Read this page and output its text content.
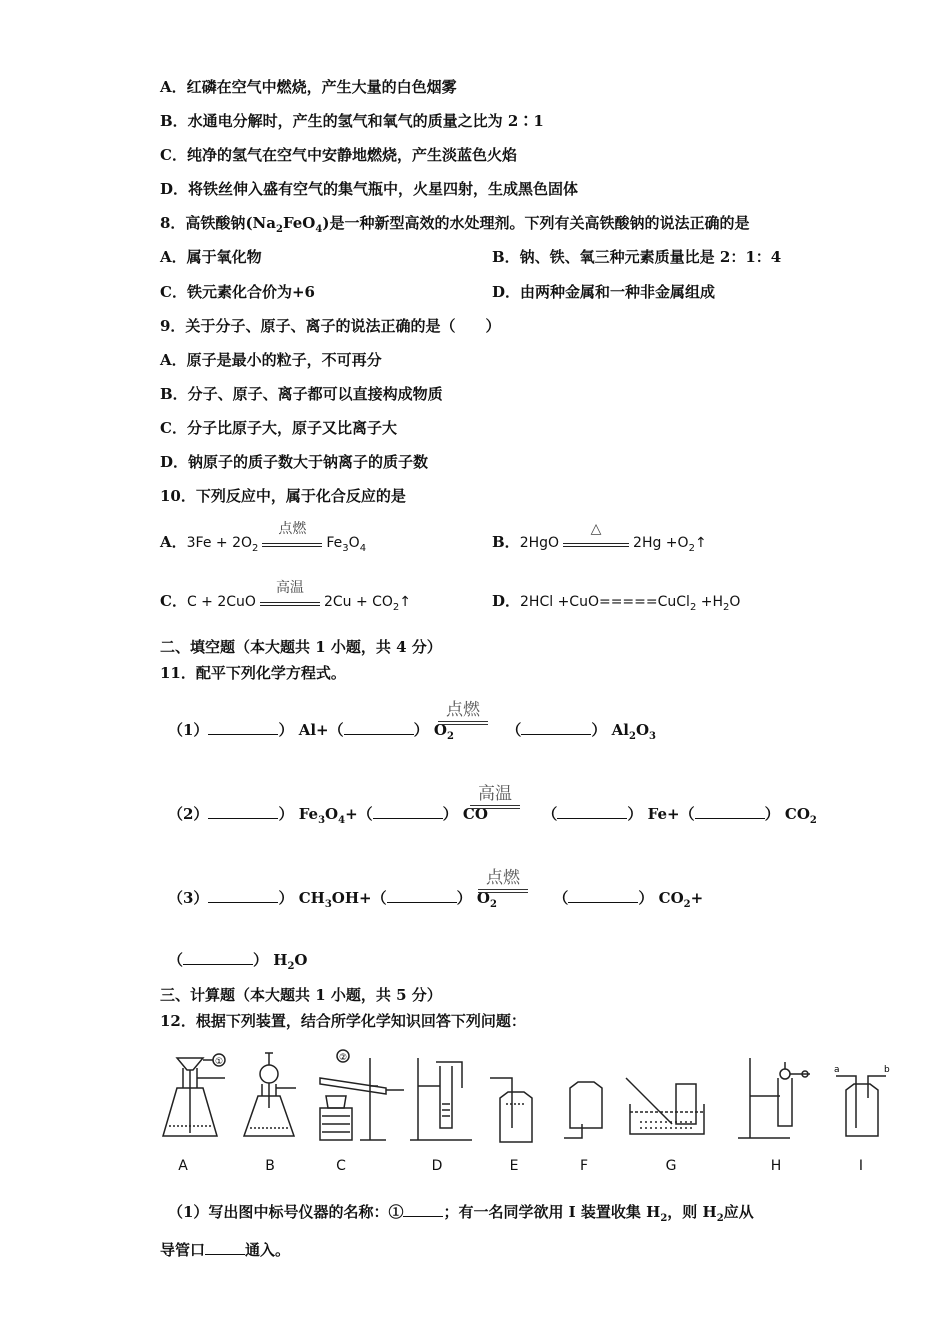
A．红磷在空气中燃烧，产生大量的白色烟雾
B．水通电分解时，产生的氢气和氧气的质量之比为 2∶1
C．纯净的氢气在空气中安静地燃烧，产生淡蓝色火焰
D．将铁丝伸入盛有空气的集气瓶中，火星四射，生成黑色固体
8．高铁酸钠$(Na_2FeO_4)$是一种新型高效的水处理剂。下列有关高铁酸钠的说法正确的是
A．属于氧化物	B．钠、铁、氧三种元素质量比是 2：1：4
C．铁元素化合价为+6	D．由两种金属和一种非金属组成
9．关于分子、原子、离子的说法正确的是（　　）
A．原子是最小的粒子，不可再分
B．分子、原子、离子都可以直接构成物质
C．分子比原子大，原子又比离子大
D．钠原子的质子数大于钠离子的质子数
10．下列反应中，属于化合反应的是
A．$3Fe + 2O_2$
点燃
$Fe_3O_4$	B．2HgO
△
$2Hg +O_2↑$
C．C + 2CuO
高温
$2Cu + CO_2↑$	D．2HCl +CuO=====CuCl$_2$ $+H_2O$
二、填空题（本大题共 1 小题，共 4 分）
11．配平下列化学方程式。
（1）	） Al+（	） $O_2$	（	） $Al_2O_3$
点燃
（2）	） $Fe_3O_4+$（	） CO	（	） Fe+（	） $CO_2$
高温
（3）	） $CH_3OH+$（	） $O_2$	（	） $CO_2+$
点燃
（	） $H_2O$
三、计算题（本大题共 1 小题，共 5 分）
12．根据下列装置，结合所学化学知识回答下列问题：
①	②
a	b
A	B	C	D	E	F	G	H	I
（1）写出图中标号仪器的名称：①	；有一名同学欲用 I 装置收集 $H_2$，则 $H_2$应从
导管口	通入。
